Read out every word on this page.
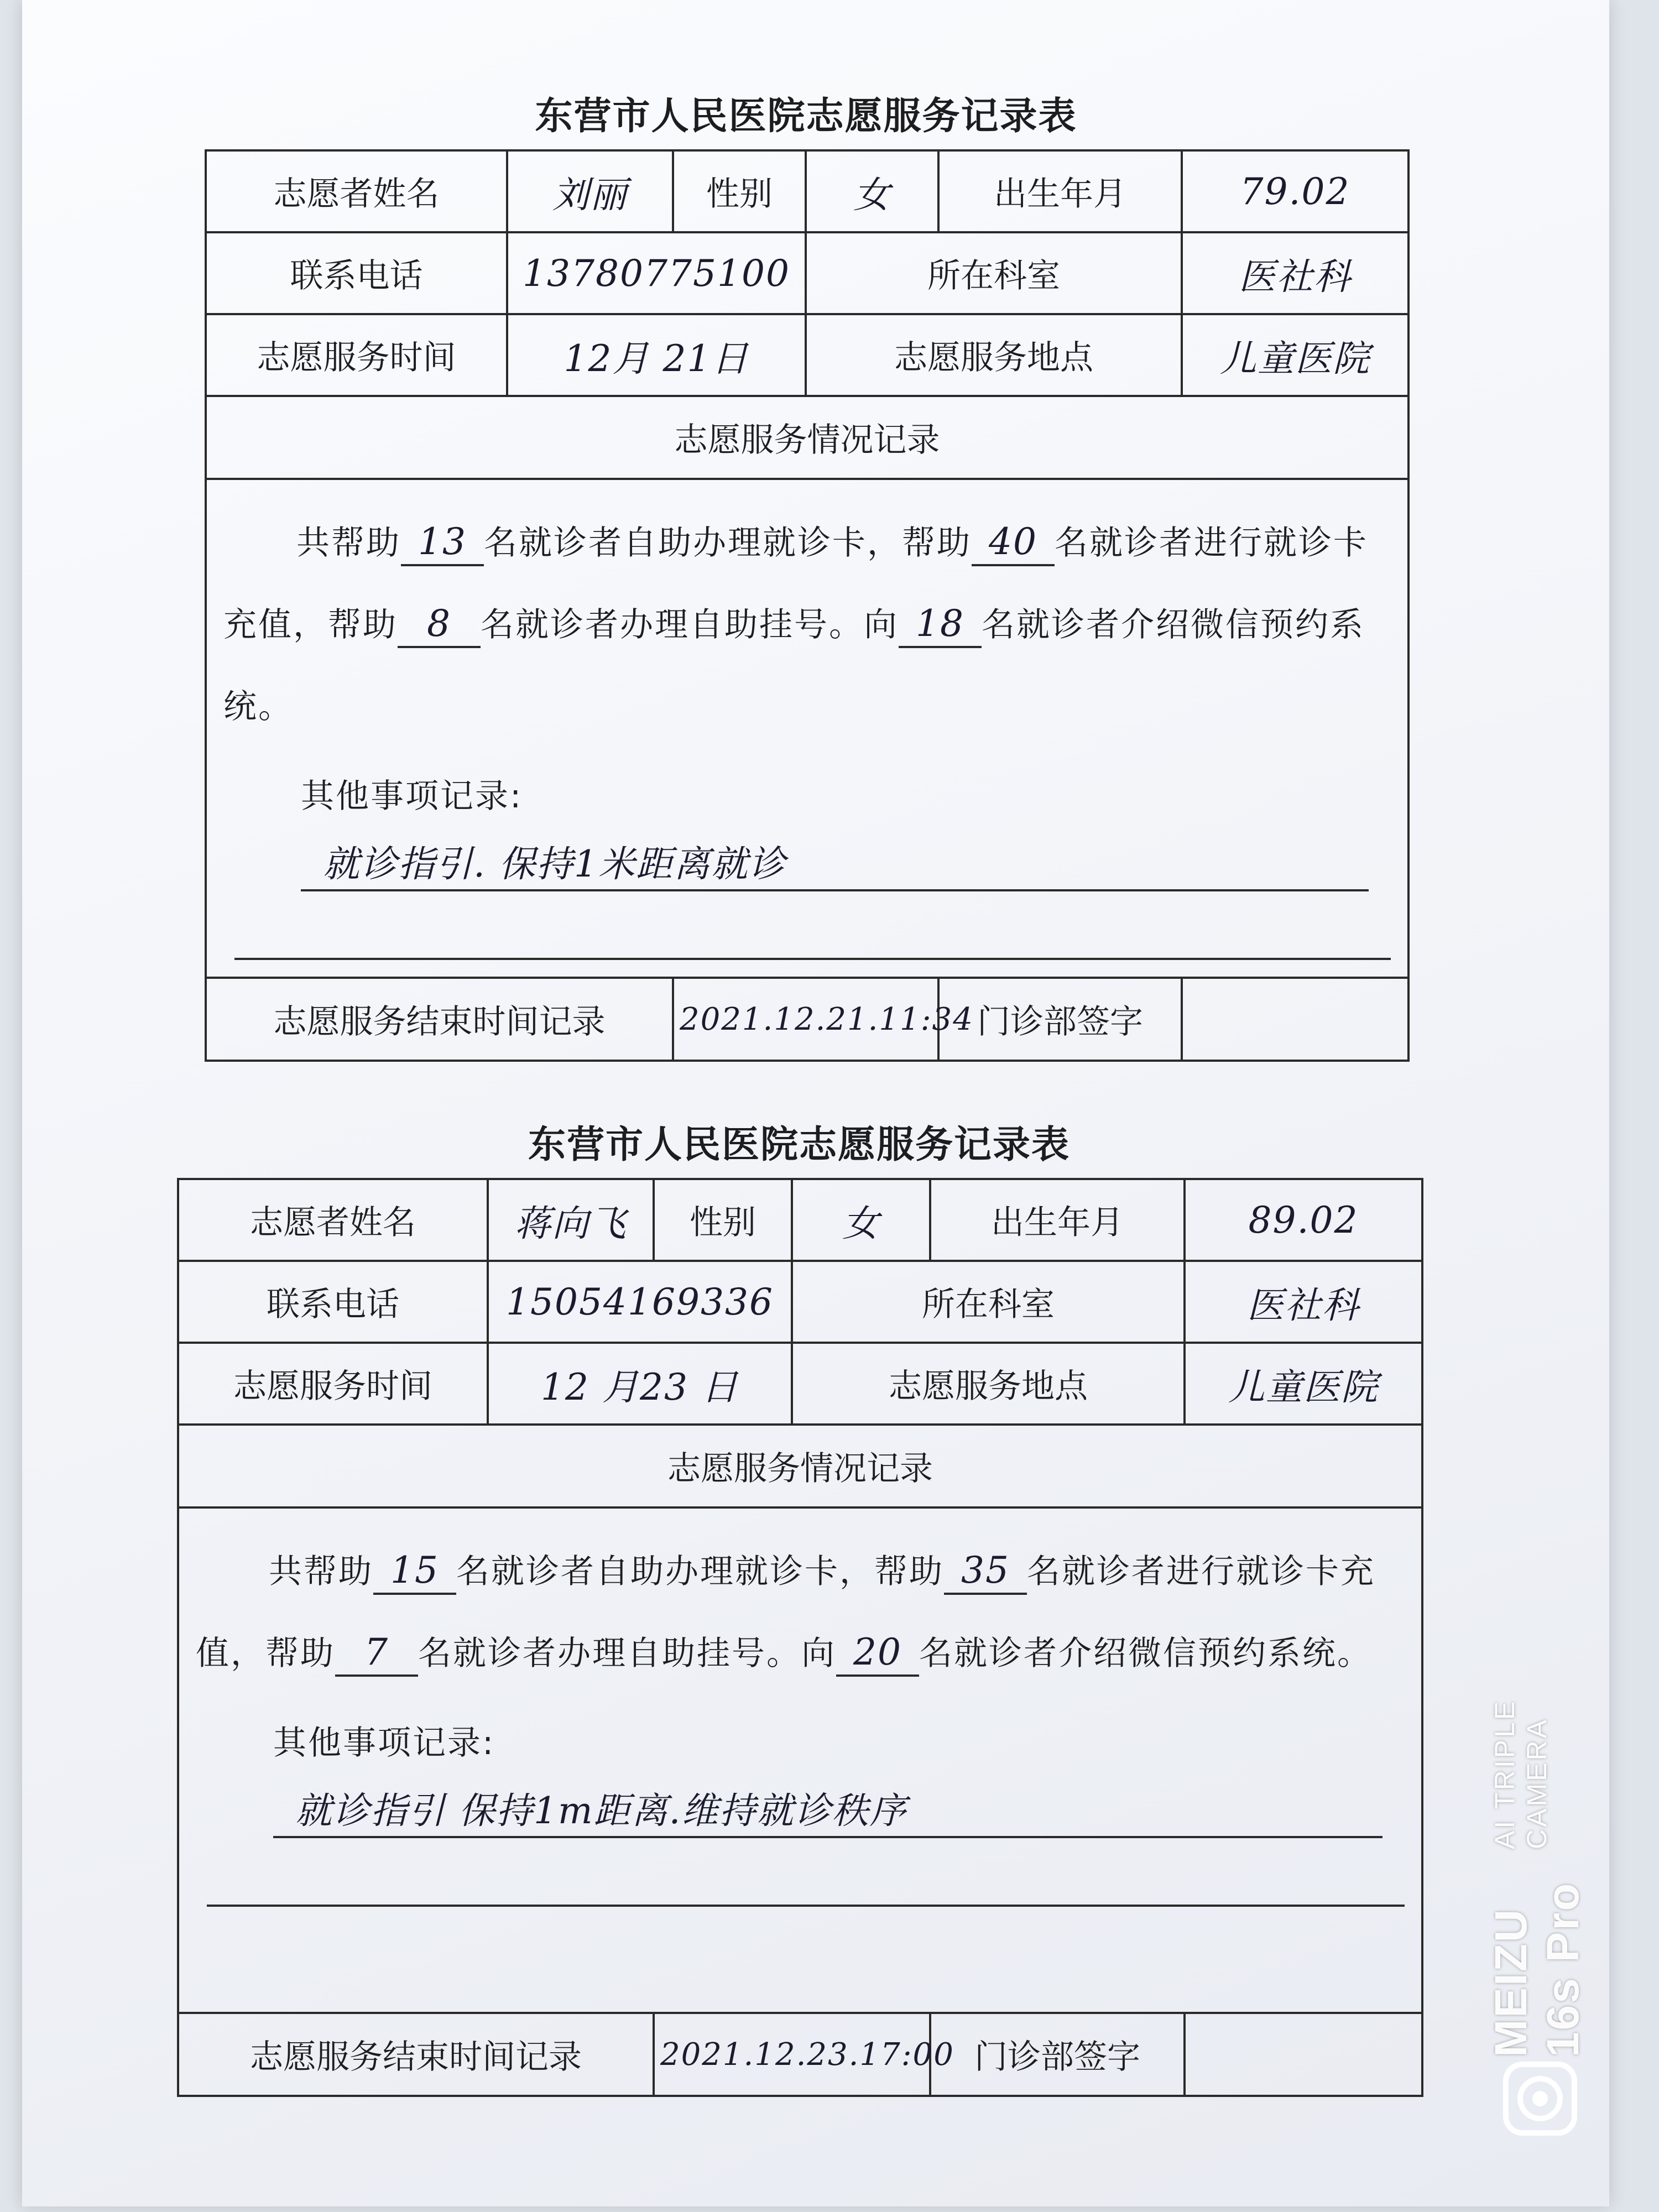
东营市人民医院志愿服务记录表
志愿者姓名	刘丽	性别	女	出生年月	79.02
联系电话	13780775100		所在科室		医社科
志愿服务时间	12月 21日		志愿服务地点		儿童医院
志愿服务情况记录					

共帮助 13 名就诊者自助办理就诊卡，帮助 40 名就诊者进行就诊卡充值，帮助 8 名就诊者办理自助挂号。向 18 名就诊者介绍微信预约系统。

其他事项记录:
就诊指引. 保持1米距离就诊					

志愿服务结束时间记录		2021.12.21.11:34		门诊部签字	
东营市人民医院志愿服务记录表
志愿者姓名	蒋向飞	性别	女	出生年月	89.02
联系电话	15054169336		所在科室		医社科
志愿服务时间	12 月23 日		志愿服务地点		儿童医院
志愿服务情况记录					

共帮助 15 名就诊者自助办理就诊卡，帮助 35 名就诊者进行就诊卡充值，帮助 7 名就诊者办理自助挂号。向 20 名就诊者介绍微信预约系统。

其他事项记录:
就诊指引 保持1m距离.维持就诊秩序					

志愿服务结束时间记录		2021.12.23.17:00		门诊部签字		MEIZU 16s Pro
AI TRIPLE CAMERA
